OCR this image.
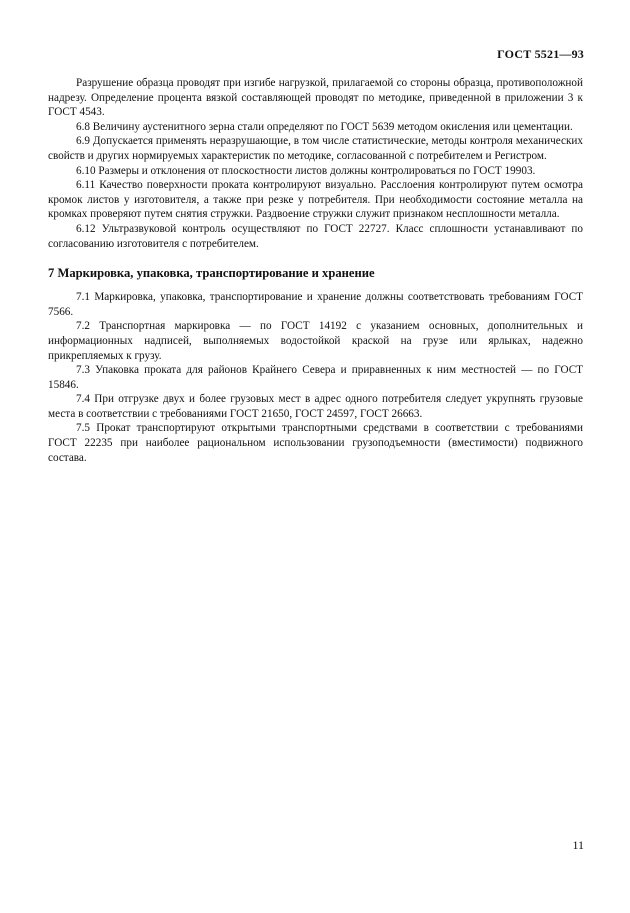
ГОСТ 5521—93

Разрушение образца проводят при изгибе нагрузкой, прилагаемой со стороны образца, противоположной надрезу. Определение процента вязкой составляющей проводят по методике, приведенной в приложении 3 к ГОСТ 4543.

6.8 Величину аустенитного зерна стали определяют по ГОСТ 5639 методом окисления или цементации.

6.9 Допускается применять неразрушающие, в том числе статистические, методы контроля механических свойств и других нормируемых характеристик по методике, согласованной с потребителем и Регистром.

6.10 Размеры и отклонения от плоскостности листов должны контролироваться по ГОСТ 19903.

6.11 Качество поверхности проката контролируют визуально. Расслоения контролируют путем осмотра кромок листов у изготовителя, а также при резке у потребителя. При необходимости состояние металла на кромках проверяют путем снятия стружки. Раздвоение стружки служит признаком несплошности металла.

6.12 Ультразвуковой контроль осуществляют по ГОСТ 22727. Класс сплошности устанавливают по согласованию изготовителя с потребителем.

7 Маркировка, упаковка, транспортирование и хранение

7.1 Маркировка, упаковка, транспортирование и хранение должны соответствовать требованиям ГОСТ 7566.

7.2 Транспортная маркировка — по ГОСТ 14192 с указанием основных, дополнительных и информационных надписей, выполняемых водостойкой краской на грузе или ярлыках, надежно прикрепляемых к грузу.

7.3 Упаковка проката для районов Крайнего Севера и приравненных к ним местностей — по ГОСТ 15846.

7.4 При отгрузке двух и более грузовых мест в адрес одного потребителя следует укрупнять грузовые места в соответствии с требованиями ГОСТ 21650, ГОСТ 24597, ГОСТ 26663.

7.5 Прокат транспортируют открытыми транспортными средствами в соответствии с требованиями ГОСТ 22235 при наиболее рациональном использовании грузоподъемности (вместимости) подвижного состава.

11
